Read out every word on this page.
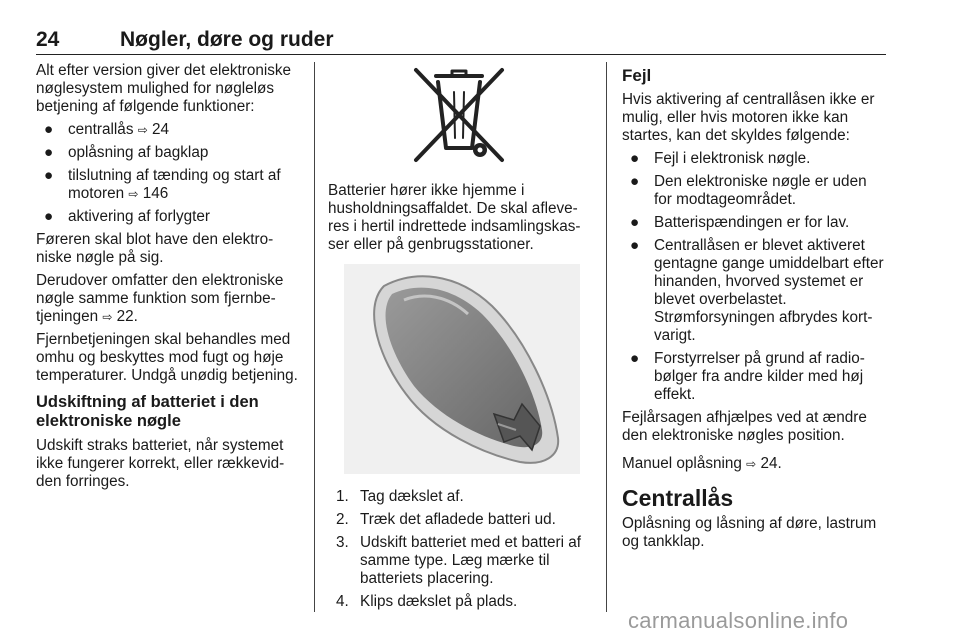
24	Nøgler, døre og ruder

Alt efter version giver det elektroniske nøglesystem mulighed for nøgleløs betjening af følgende funktioner:

● centrallås ⇨ 24
● oplåsning af bagklap
● tilslutning af tænding og start af motoren ⇨ 146
● aktivering af forlygter

Føreren skal blot have den elektroniske nøgle på sig.

Derudover omfatter den elektroniske nøgle samme funktion som fjernbetjeningen ⇨ 22.

Fjernbetjeningen skal behandles med omhu og beskyttes mod fugt og høje temperaturer. Undgå unødig betjening.

Udskiftning af batteriet i den elektroniske nøgle

Udskift straks batteriet, når systemet ikke fungerer korrekt, eller rækkevidden forringes.

Batterier hører ikke hjemme i husholdningsaffaldet. De skal afleveres i hertil indrettede indsamlingskasser eller på genbrugsstationer.

1. Tag dækslet af.
2. Træk det afladede batteri ud.
3. Udskift batteriet med et batteri af samme type. Læg mærke til batteriets placering.
4. Klips dækslet på plads.
Fejl

Hvis aktivering af centrallåsen ikke er mulig, eller hvis motoren ikke kan startes, kan det skyldes følgende:

● Fejl i elektronisk nøgle.
● Den elektroniske nøgle er uden for modtageområdet.
● Batterispændingen er for lav.
● Centrallåsen er blevet aktiveret gentagne gange umiddelbart efter hinanden, hvorved systemet er blevet overbelastet. Strømforsyningen afbrydes kortvarigt.
● Forstyrrelser på grund af radiobølger fra andre kilder med høj effekt.

Fejlårsagen afhjælpes ved at ændre den elektroniske nøgles position.

Manuel oplåsning ⇨ 24.

Centrallås

Oplåsning og låsning af døre, lastrum og tankklap.

carmanualsonline.info
